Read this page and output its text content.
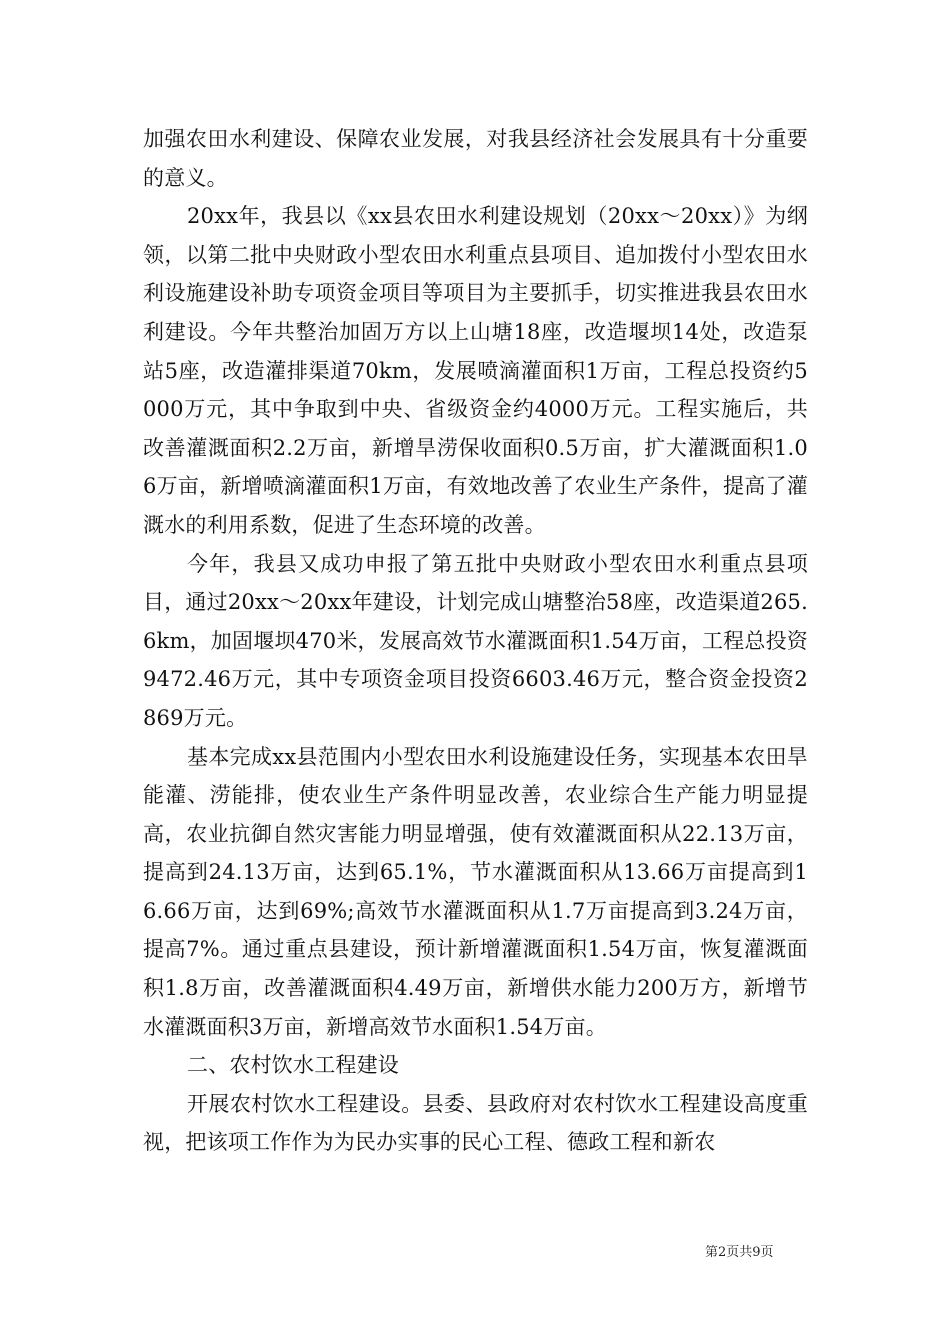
加强农田水利建设、保障农业发展，对我县经济社会发展具有十分重要的意义。

20xx年，我县以《xx县农田水利建设规划（20xx～20xx）》为纲领，以第二批中央财政小型农田水利重点县项目、追加拨付小型农田水利设施建设补助专项资金项目等项目为主要抓手，切实推进我县农田水利建设。今年共整治加固万方以上山塘18座，改造堰坝14处，改造泵站5座，改造灌排渠道70km，发展喷滴灌面积1万亩，工程总投资约5000万元，其中争取到中央、省级资金约4000万元。工程实施后，共改善灌溉面积2.2万亩，新增旱涝保收面积0.5万亩，扩大灌溉面积1.06万亩，新增喷滴灌面积1万亩，有效地改善了农业生产条件，提高了灌溉水的利用系数，促进了生态环境的改善。

今年，我县又成功申报了第五批中央财政小型农田水利重点县项目，通过20xx～20xx年建设，计划完成山塘整治58座，改造渠道265.6km，加固堰坝470米，发展高效节水灌溉面积1.54万亩，工程总投资9472.46万元，其中专项资金项目投资6603.46万元，整合资金投资2869万元。

基本完成xx县范围内小型农田水利设施建设任务，实现基本农田旱能灌、涝能排，使农业生产条件明显改善，农业综合生产能力明显提高，农业抗御自然灾害能力明显增强，使有效灌溉面积从22.13万亩，提高到24.13万亩，达到65.1%，节水灌溉面积从13.66万亩提高到16.66万亩，达到69%;高效节水灌溉面积从1.7万亩提高到3.24万亩，提高7%。通过重点县建设，预计新增灌溉面积1.54万亩，恢复灌溉面积1.8万亩，改善灌溉面积4.49万亩，新增供水能力200万方，新增节水灌溉面积3万亩，新增高效节水面积1.54万亩。

二、农村饮水工程建设

开展农村饮水工程建设。县委、县政府对农村饮水工程建设高度重视，把该项工作作为为民办实事的民心工程、德政工程和新农

第2页共9页
